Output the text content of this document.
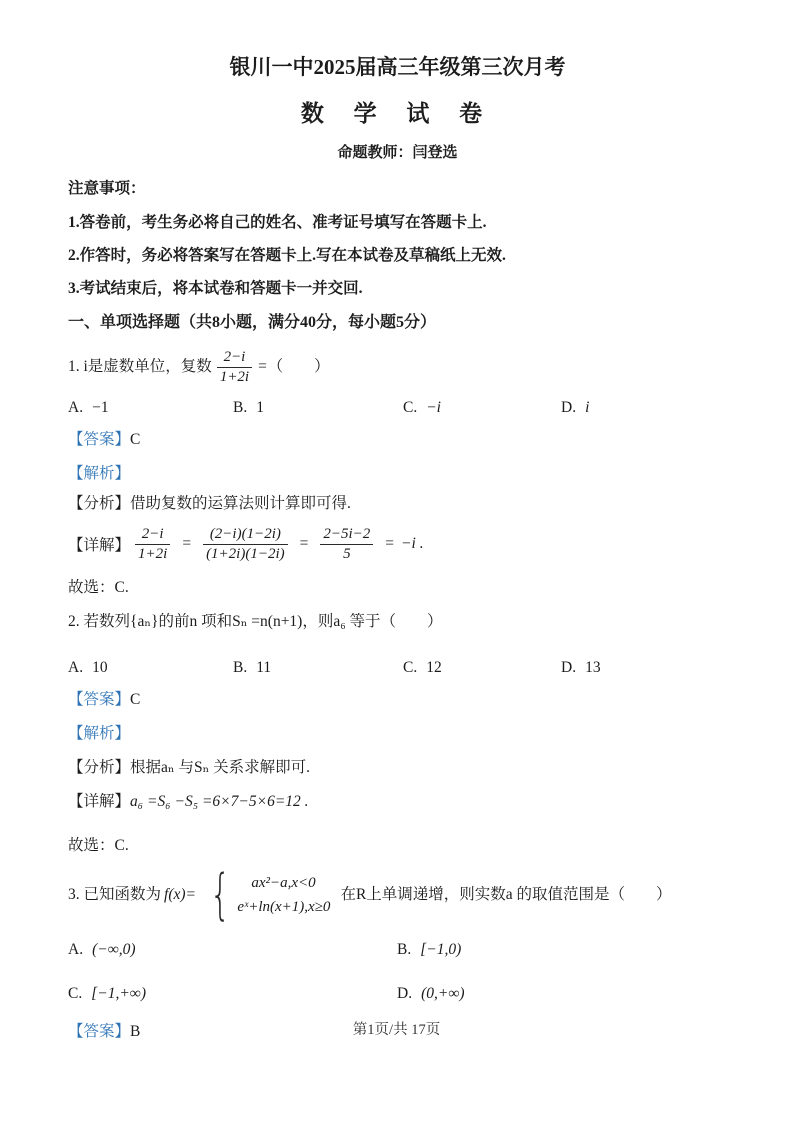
银川一中2025届高三年级第三次月考
数 学 试 卷
命题教师：闫登选
注意事项：
1.答卷前，考生务必将自己的姓名、准考证号填写在答题卡上.
2.作答时，务必将答案写在答题卡上.写在本试卷及草稿纸上无效.
3.考试结束后，将本试卷和答题卡一并交回.
一、单项选择题（共8小题，满分40分，每小题5分）
1. i是虚数单位，复数 $\frac{2-i}{1+2i}$ = （　　）
A. −1	B. 1	C. −i	D. i
【答案】C
【解析】
【分析】借助复数的运算法则计算即可得.
【详解】 $\frac{2-i}{1+2i} = \frac{(2-i)(1-2i)}{(1+2i)(1-2i)} = \frac{2-5i-2}{5} = -i$ .
故选：C.
2. 若数列{aₙ}的前n 项和Sₙ =n(n+1)，则a₆ 等于（　　）
A. 10	B. 11	C. 12	D. 13
【答案】C
【解析】
【分析】根据aₙ 与Sₙ 关系求解即可.
【详解】a₆ =S₆ −S₅ =6×7−5×6=12 .
故选：C.
3. 已知函数为 f(x)= {	ax²−a,x<0
eˣ+ln(x+1),x≥0
在R上单调递增，则实数a 的取值范围是（　　）
A. (−∞,0)	B. [−1,0)
C. [−1,+∞)	D. (0,+∞)
【答案】B	第1页/共 17页
